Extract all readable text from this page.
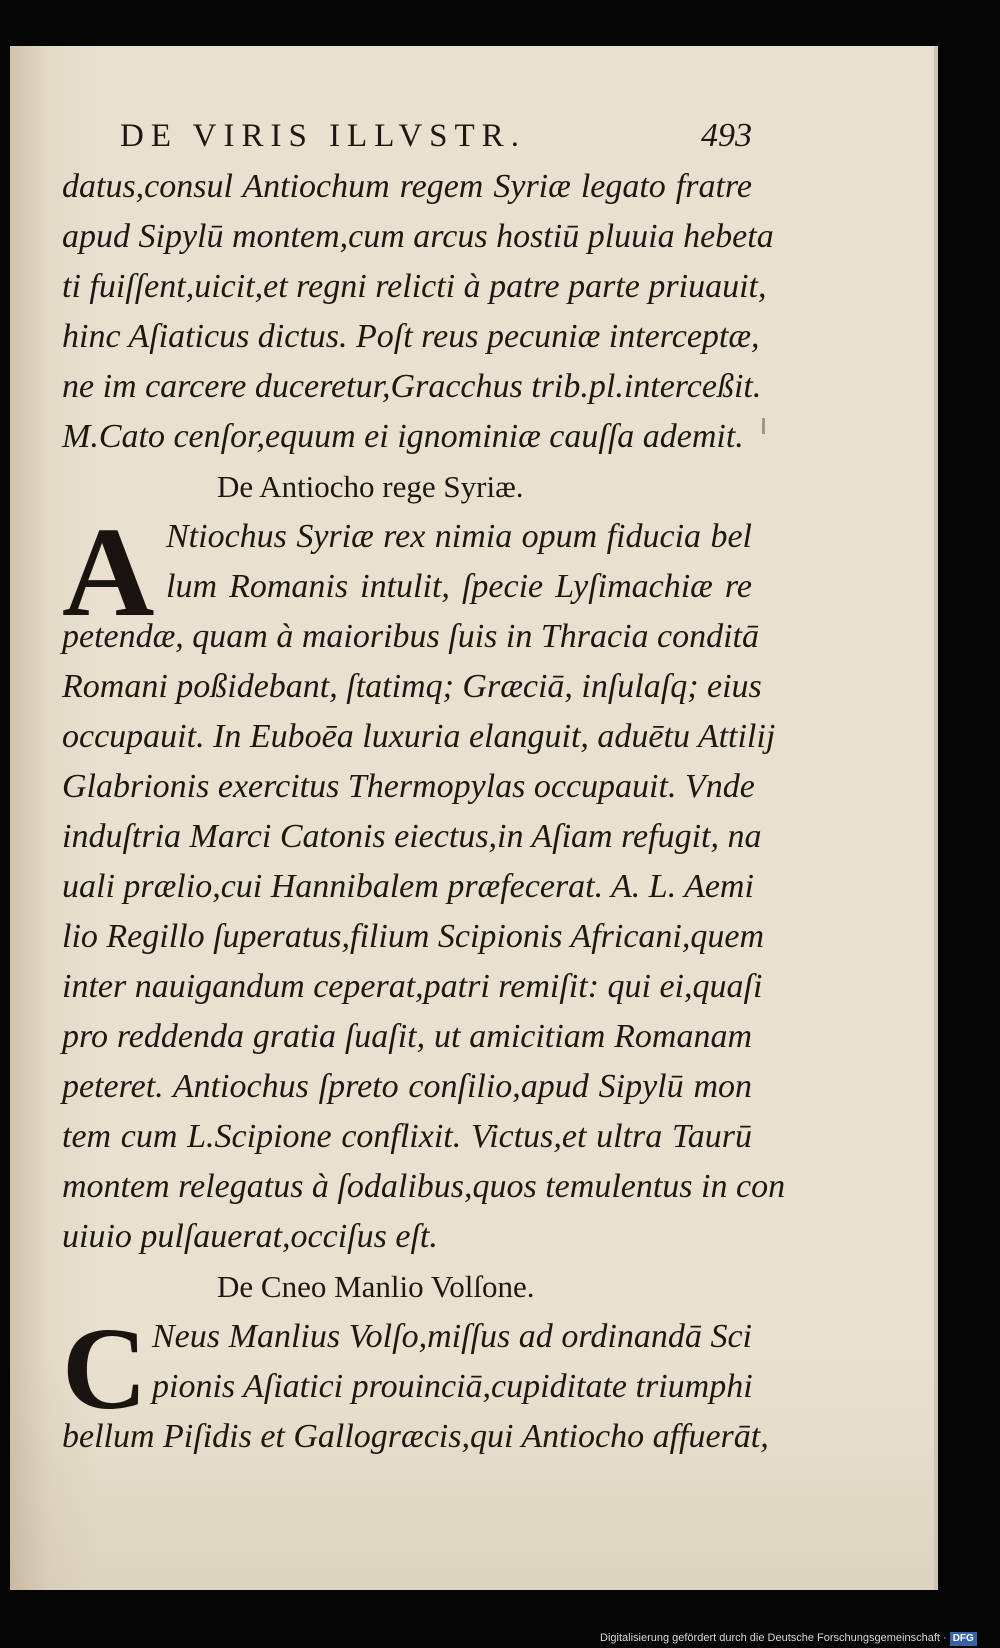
DE VIRIS ILLVSTR.	493
datus,consul Antiochum regem Syriæ legato fratre
apud Sipylū montem,cum arcus hostiū pluuia hebeta
ti fuiſſent,uicit,et regni relicti à patre parte priuauit,
hinc Aſiaticus dictus. Poſt reus pecuniæ interceptæ,
ne im carcere duceretur,Gracchus trib.pl.interceßit.
M.Cato cenſor,equum ei ignominiæ cauſſa ademit.
De Antiocho rege Syriæ.
A Ntiochus Syriæ rex nimia opum fiducia bel
lum Romanis intulit, ſpecie Lyſimachiæ re
petendæ, quam à maioribus ſuis in Thracia conditā
Romani poßidebant, ſtatimq; Græciā, inſulaſq; eius
occupauit. In Euboēa luxuria elanguit, aduētu Attilij
Glabrionis exercitus Thermopylas occupauit. Vnde
induſtria Marci Catonis eiectus,in Aſiam refugit, na
uali prælio,cui Hannibalem præfecerat. A. L. Aemi
lio Regillo ſuperatus,filium Scipionis Africani,quem
inter nauigandum ceperat,patri remiſit: qui ei,quaſi
pro reddenda gratia ſuaſit, ut amicitiam Romanam
peteret. Antiochus ſpreto conſilio,apud Sipylū mon
tem cum L.Scipione conflixit. Victus,et ultra Taurū
montem relegatus à ſodalibus,quos temulentus in con
uiuio pulſauerat,occiſus eſt.
De Cneo Manlio Volſone.
C Neus Manlius Volſo,miſſus ad ordinandā Sci
pionis Aſiatici prouinciā,cupiditate triumphi
bellum Piſidis et Gallogræcis,qui Antiocho affuerāt,
Digitalisierung gefördert durch die Deutsche Forschungsgemeinschaft · DFG
